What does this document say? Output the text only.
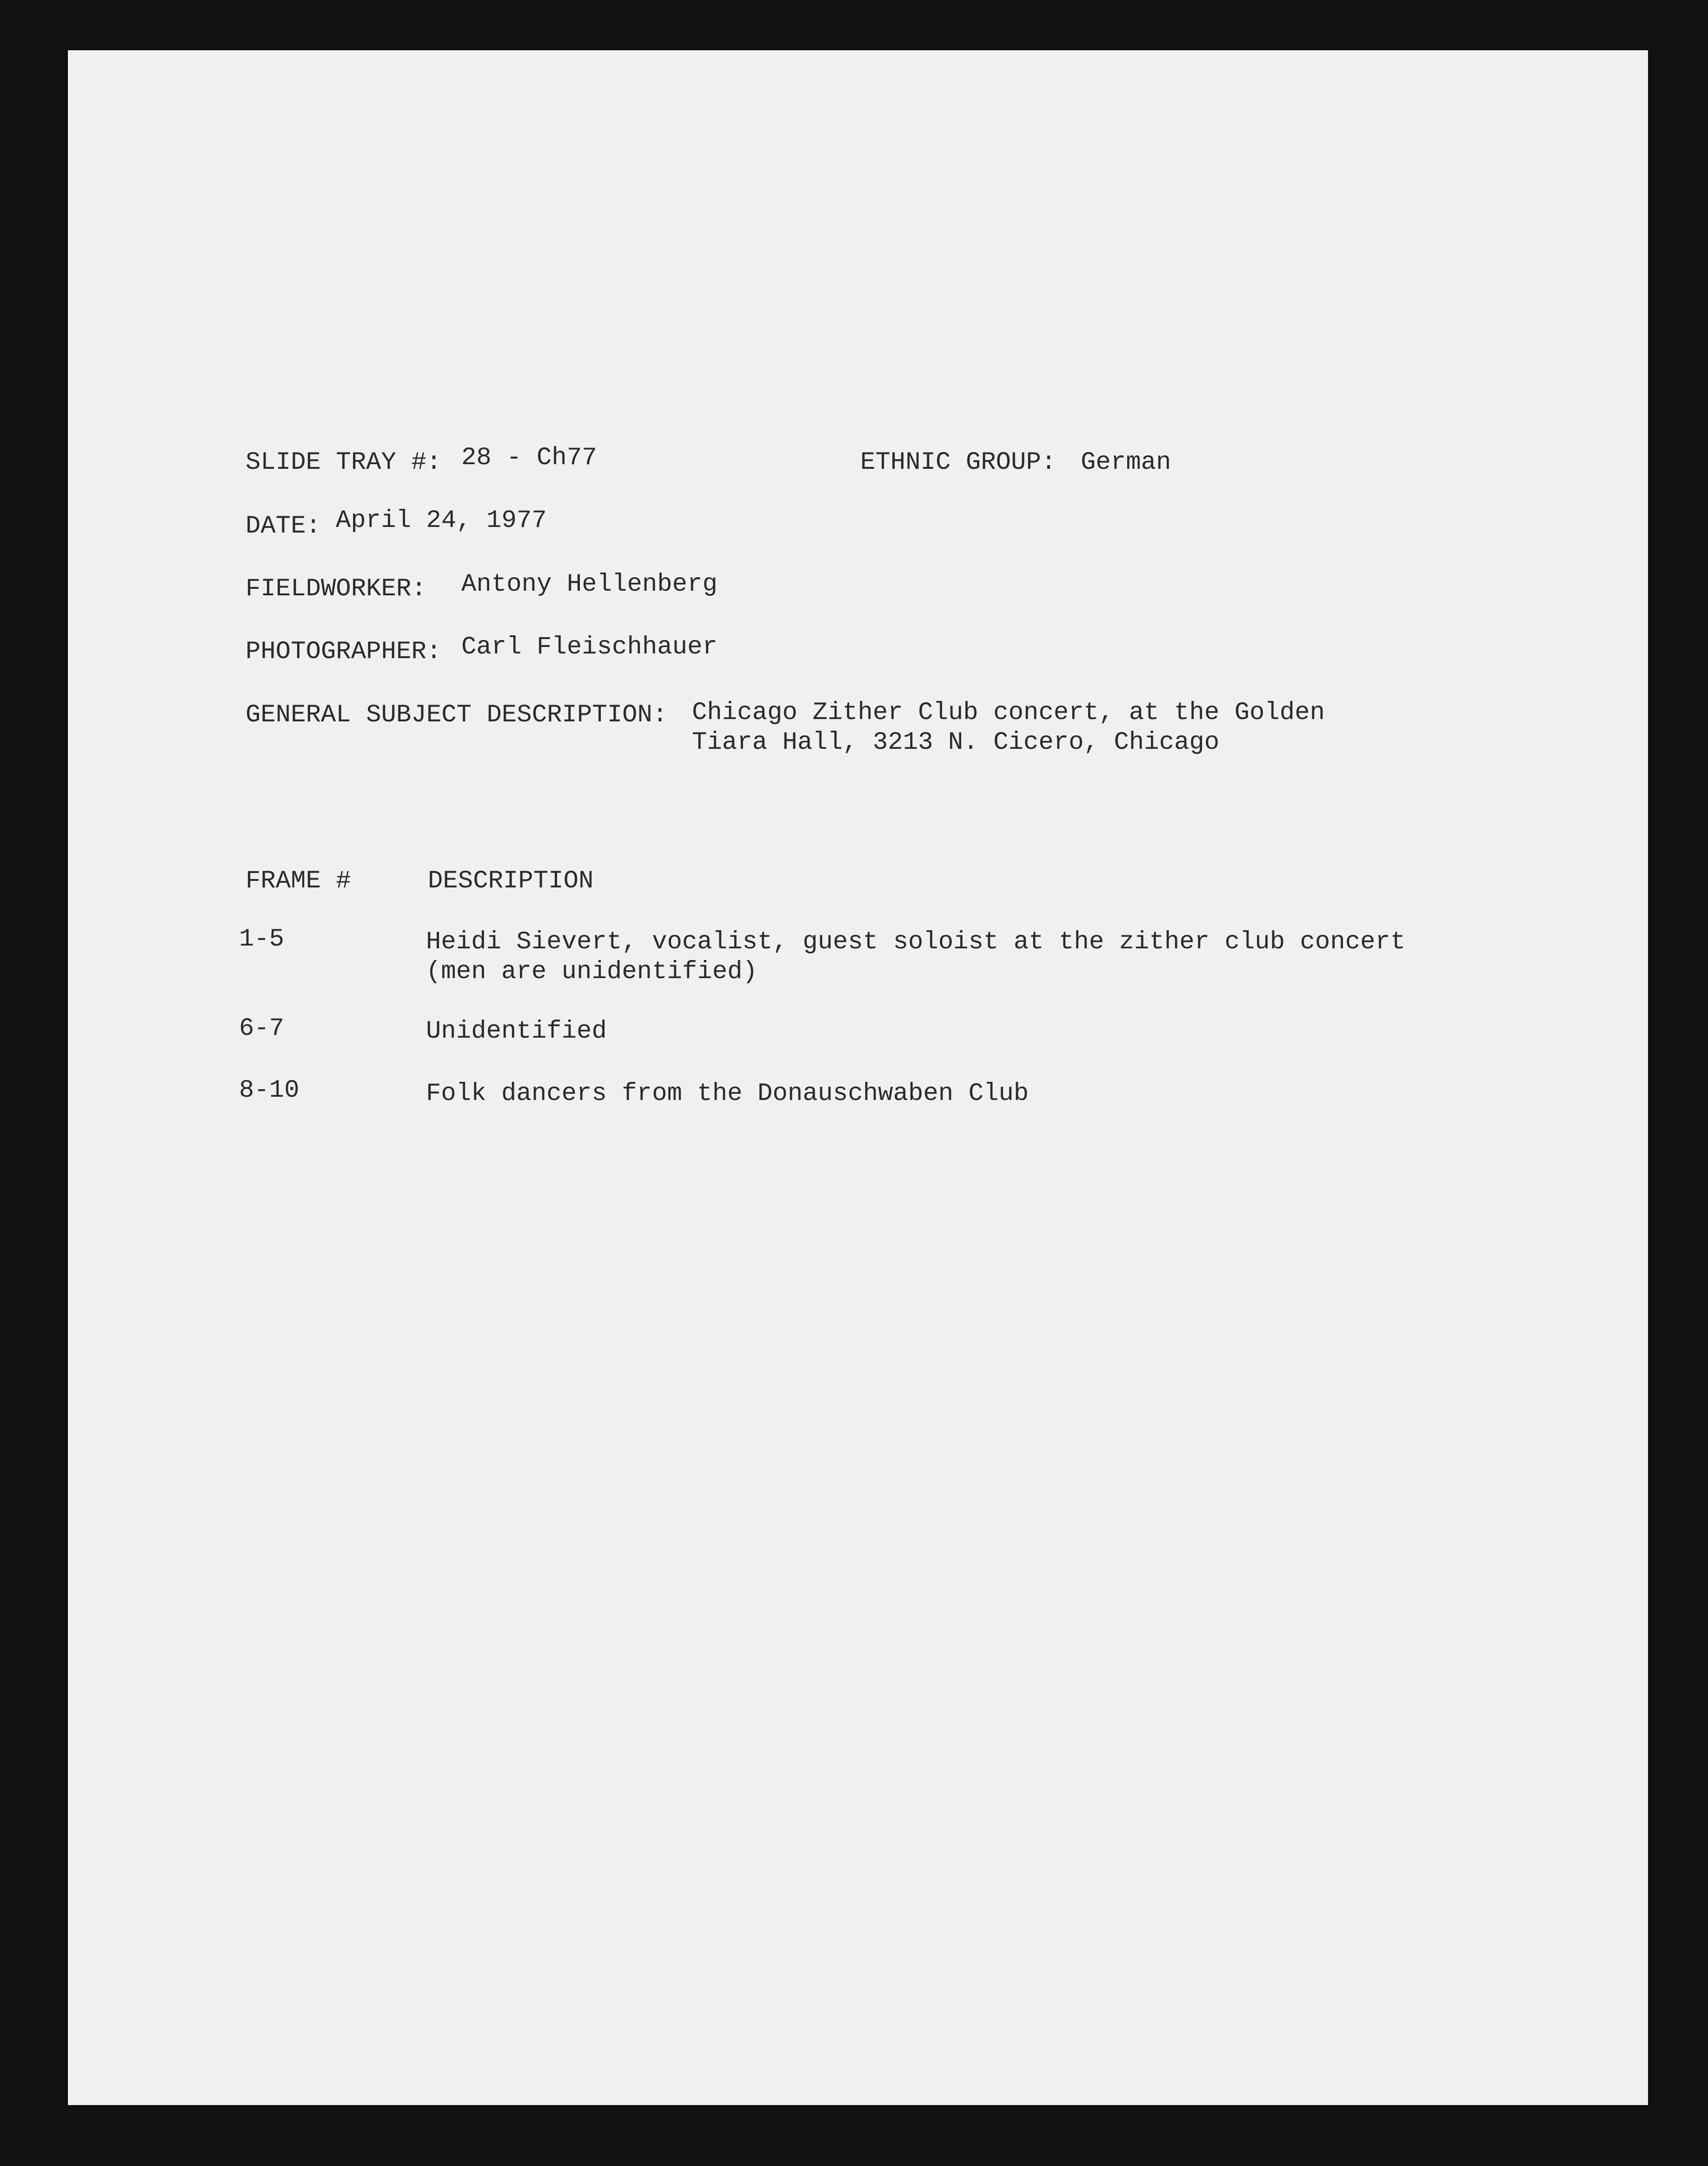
SLIDE TRAY #: 28 - Ch77	ETHNIC GROUP: German
DATE: April 24, 1977
FIELDWORKER: Antony Hellenberg
PHOTOGRAPHER: Carl Fleischhauer
GENERAL SUBJECT DESCRIPTION: Chicago Zither Club concert, at the Golden
Tiara Hall, 3213 N. Cicero, Chicago
FRAME #	DESCRIPTION
1-5	Heidi Sievert, vocalist, guest soloist at the zither club concert
(men are unidentified)
6-7	Unidentified
8-10	Folk dancers from the Donauschwaben Club
